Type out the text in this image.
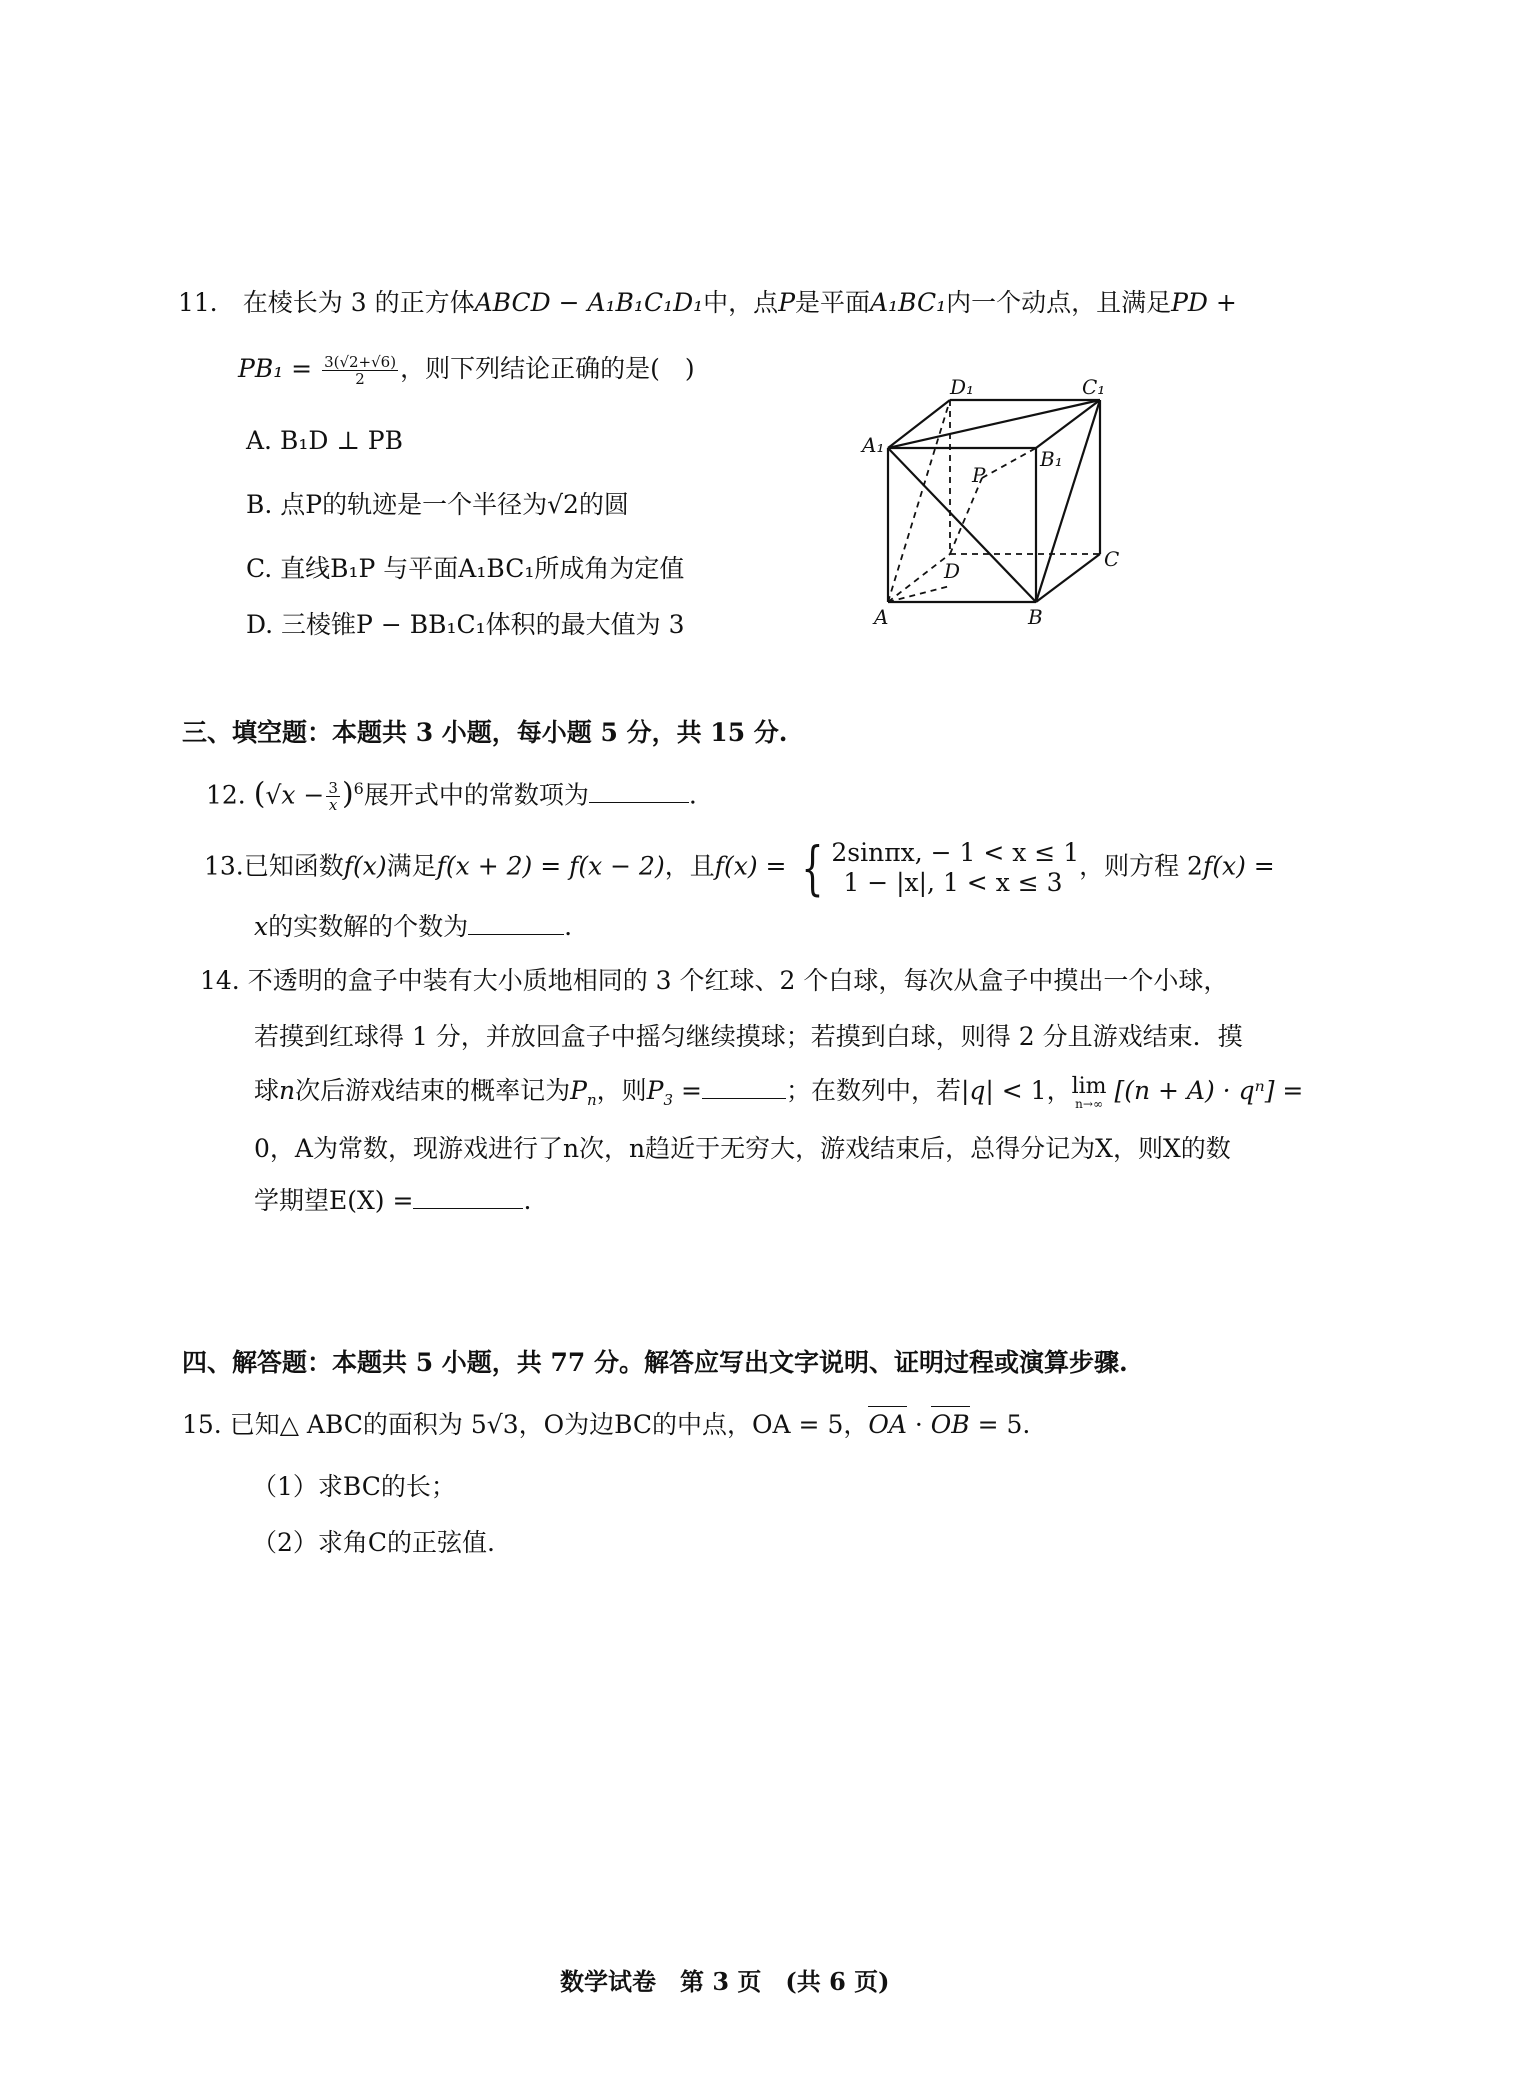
11． 在棱长为 3 的正方体ABCD − A₁B₁C₁D₁中，点P是平面A₁BC₁内一个动点，且满足PD +
$PB_1 = \frac{3(√2+√6)}{2}$ ，则下列结论正确的是(　)
A. B₁D ⊥ PB
B. 点P的轨迹是一个半径为√2的圆
C. 直线B₁P 与平面A₁BC₁所成角为定值
D. 三棱锥P − BB₁C₁体积的最大值为 3
A₁
D₁	C₁
B₁
P
D	C
A	B
三、填空题：本题共 3 小题，每小题 5 分，共 15 分.
12. $(√x - \frac{3}{x} )^6$展开式中的常数项为	.
13.已知函数f(x)满足f(x + 2) = f(x − 2)，且f(x) = { 2sinπx, − 1 < x ≤ 1
1 − |x|, 1 < x ≤ 3
，则方程 2f(x) =
x的实数解的个数为	.
14. 不透明的盒子中装有大小质地相同的 3 个红球、2 个白球，每次从盒子中摸出一个小球，
若摸到红球得 1 分，并放回盒子中摇匀继续摸球；若摸到白球，则得 2 分且游戏结束．摸
球n次后游戏结束的概率记为$P_n$，则$P_3$ =	；在数列中，若|q| < 1， lim
n→∞ [(n + A) · qⁿ] =
0，A为常数，现游戏进行了n次，n趋近于无穷大，游戏结束后，总得分记为X，则X的数
学期望E(X) =	.
四、解答题：本题共 5 小题，共 77 分。解答应写出文字说明、证明过程或演算步骤.
15. 已知△ ABC的面积为 5√3，O为边BC的中点，OA = 5，OA · OB = 5.
（1）求BC的长；
（2）求角C的正弦值.
数学试卷　第 3 页　(共 6 页)
